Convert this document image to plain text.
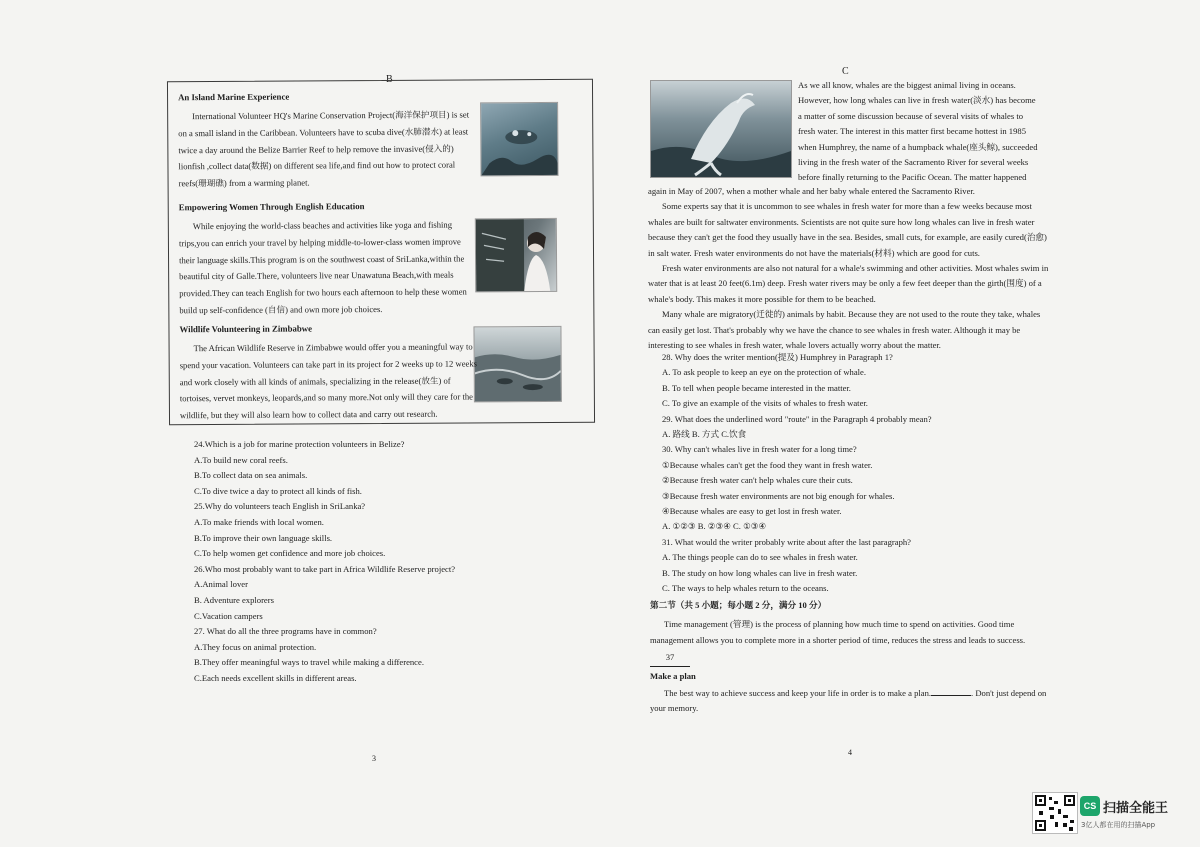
B
An Island Marine Experience

International Volunteer HQ's Marine Conservation Project(海洋保护项目) is set on a small island in the Caribbean. Volunteers have to scuba dive(水肺潜水) at least twice a day around the Belize Barrier Reef to help remove the invasive(侵入的) lionfish ,collect data(数据) on different sea life,and find out how to protect coral reefs(珊瑚礁) from a warming planet.

Empowering Women Through English Education

While enjoying the world-class beaches and activities like yoga and fishing trips,you can enrich your travel by helping middle-to-lower-class women improve their language skills.This program is on the southwest coast of SriLanka,within the beautiful city of Galle.There, volunteers live near Unawatuna Beach,with meals provided.They can teach English for two hours each afternoon to help these women build up self-confidence (自信) and own more job choices.

Wildlife Volunteering in Zimbabwe

The African Wildlife Reserve in Zimbabwe would offer you a meaningful way to spend your vacation. Volunteers can take part in its project for 2 weeks up to 12 weeks and work closely with all kinds of animals, specializing in the release(放生) of tortoises, vervet monkeys, leopards,and so many more.Not only will they care for the wildlife, but they will also learn how to collect data and carry out research.

24.Which is a job for marine protection volunteers in Belize?
A.To build new coral reefs.
B.To collect data on sea animals.
C.To dive twice a day to protect all kinds of fish.
25.Why do volunteers teach English in SriLanka?
A.To make friends with local women.
B.To improve their own language skills.
C.To help women get confidence and more job choices.
26.Who most probably want to take part in Africa Wildlife Reserve project?
A.Animal lover
B. Adventure explorers
C.Vacation campers
27. What do all the three programs have in common?
A.They focus on animal protection.
B.They offer meaningful ways to travel while making a difference.
C.Each needs excellent skills in different areas.
3
C

As we all know, whales are the biggest animal living in oceans.

However, how long whales can live in fresh water(淡水) has become

a matter of some discussion because of several visits of whales to

fresh water. The interest in this matter first became hottest in 1985

when Humphrey, the name of a humpback whale(座头鲸), succeeded

living in the fresh water of the Sacramento River for several weeks

before finally returning to the Pacific Ocean. The matter happened

again in May of 2007, when a mother whale and her baby whale entered the Sacramento River.

Some experts say that it is uncommon to see whales in fresh water for more than a few weeks because most whales are built for saltwater environments. Scientists are not quite sure how long whales can live in fresh water because they can't get the food they usually have in the sea. Besides, small cuts, for example, are easily cured(治愈) in salt water. Fresh water environments do not have the materials(材料) which are good for cuts.

Fresh water environments are also not natural for a whale's swimming and other activities. Most whales swim in water that is at least 20 feet(6.1m) deep. Fresh water rivers may be only a few feet deeper than the girth(围度) of a whale's body. This makes it more possible for them to be beached.

Many whale are migratory(迁徙的) animals by habit. Because they are not used to the route they take, whales can easily get lost. That's probably why we have the chance to see whales in fresh water. Although it may be interesting to see whales in fresh water, whale lovers actually worry about the matter.

28. Why does the writer mention(提及) Humphrey in Paragraph 1?

A. To ask people to keep an eye on the protection of whale.

B. To tell when people became interested in the matter.

C. To give an example of the visits of whales to fresh water.

29. What does the underlined word "route" in the Paragraph 4 probably mean?

A. 路线 B. 方式 C.饮食

30. Why can't whales live in fresh water for a long time?

①Because whales can't get the food they want in fresh water.

②Because fresh water can't help whales cure their cuts.

③Because fresh water environments are not big enough for whales.

④Because whales are easy to get lost in fresh water.

A. ①②③ B. ②③④ C. ①③④

31. What would the writer probably write about after the last paragraph?

A. The things people can do to see whales in fresh water.

B. The study on how long whales can live in fresh water.

C. The ways to help whales return to the oceans.

第二节（共 5 小题；每小题 2 分，满分 10 分）

Time management (管理) is the process of planning how much time to spend on activities. Good time management allows you to complete more in a shorter period of time, reduces the stress and leads to success.

37

Make a plan

The best way to achieve success and keep your life in order is to make a plan.	. Don't just depend on your memory.

4
CS 扫描全能王
3亿人都在用的扫描App
